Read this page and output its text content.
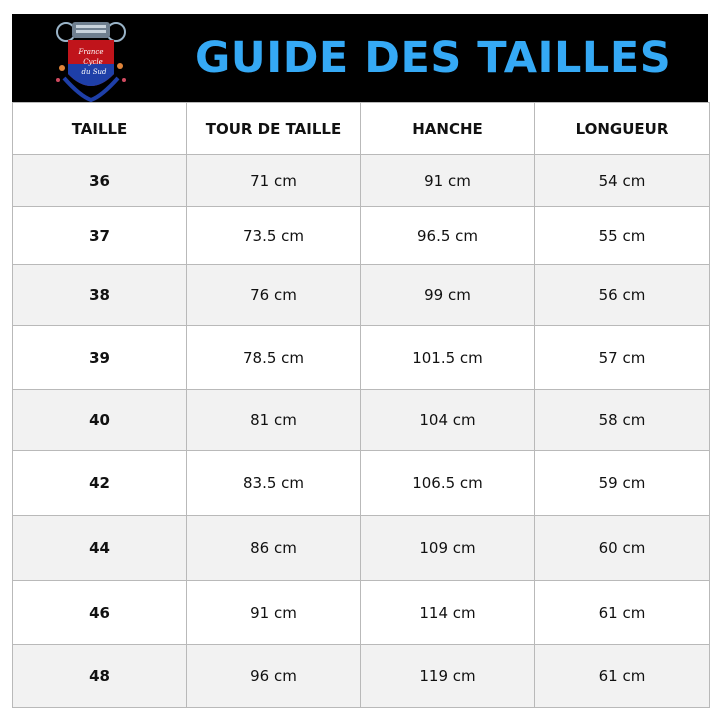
France
Cycle
du Sud GUIDE DES TAILLES
TAILLE	TOUR DE TAILLE	HANCHE	LONGUEUR
36	71 cm	91 cm	54 cm
37	73.5 cm	96.5 cm	55 cm
38	76 cm	99 cm	56 cm
39	78.5 cm	101.5 cm	57 cm
40	81 cm	104 cm	58 cm
42	83.5 cm	106.5 cm	59 cm
44	86 cm	109 cm	60 cm
46	91 cm	114 cm	61 cm
48	96 cm	119 cm	61 cm
